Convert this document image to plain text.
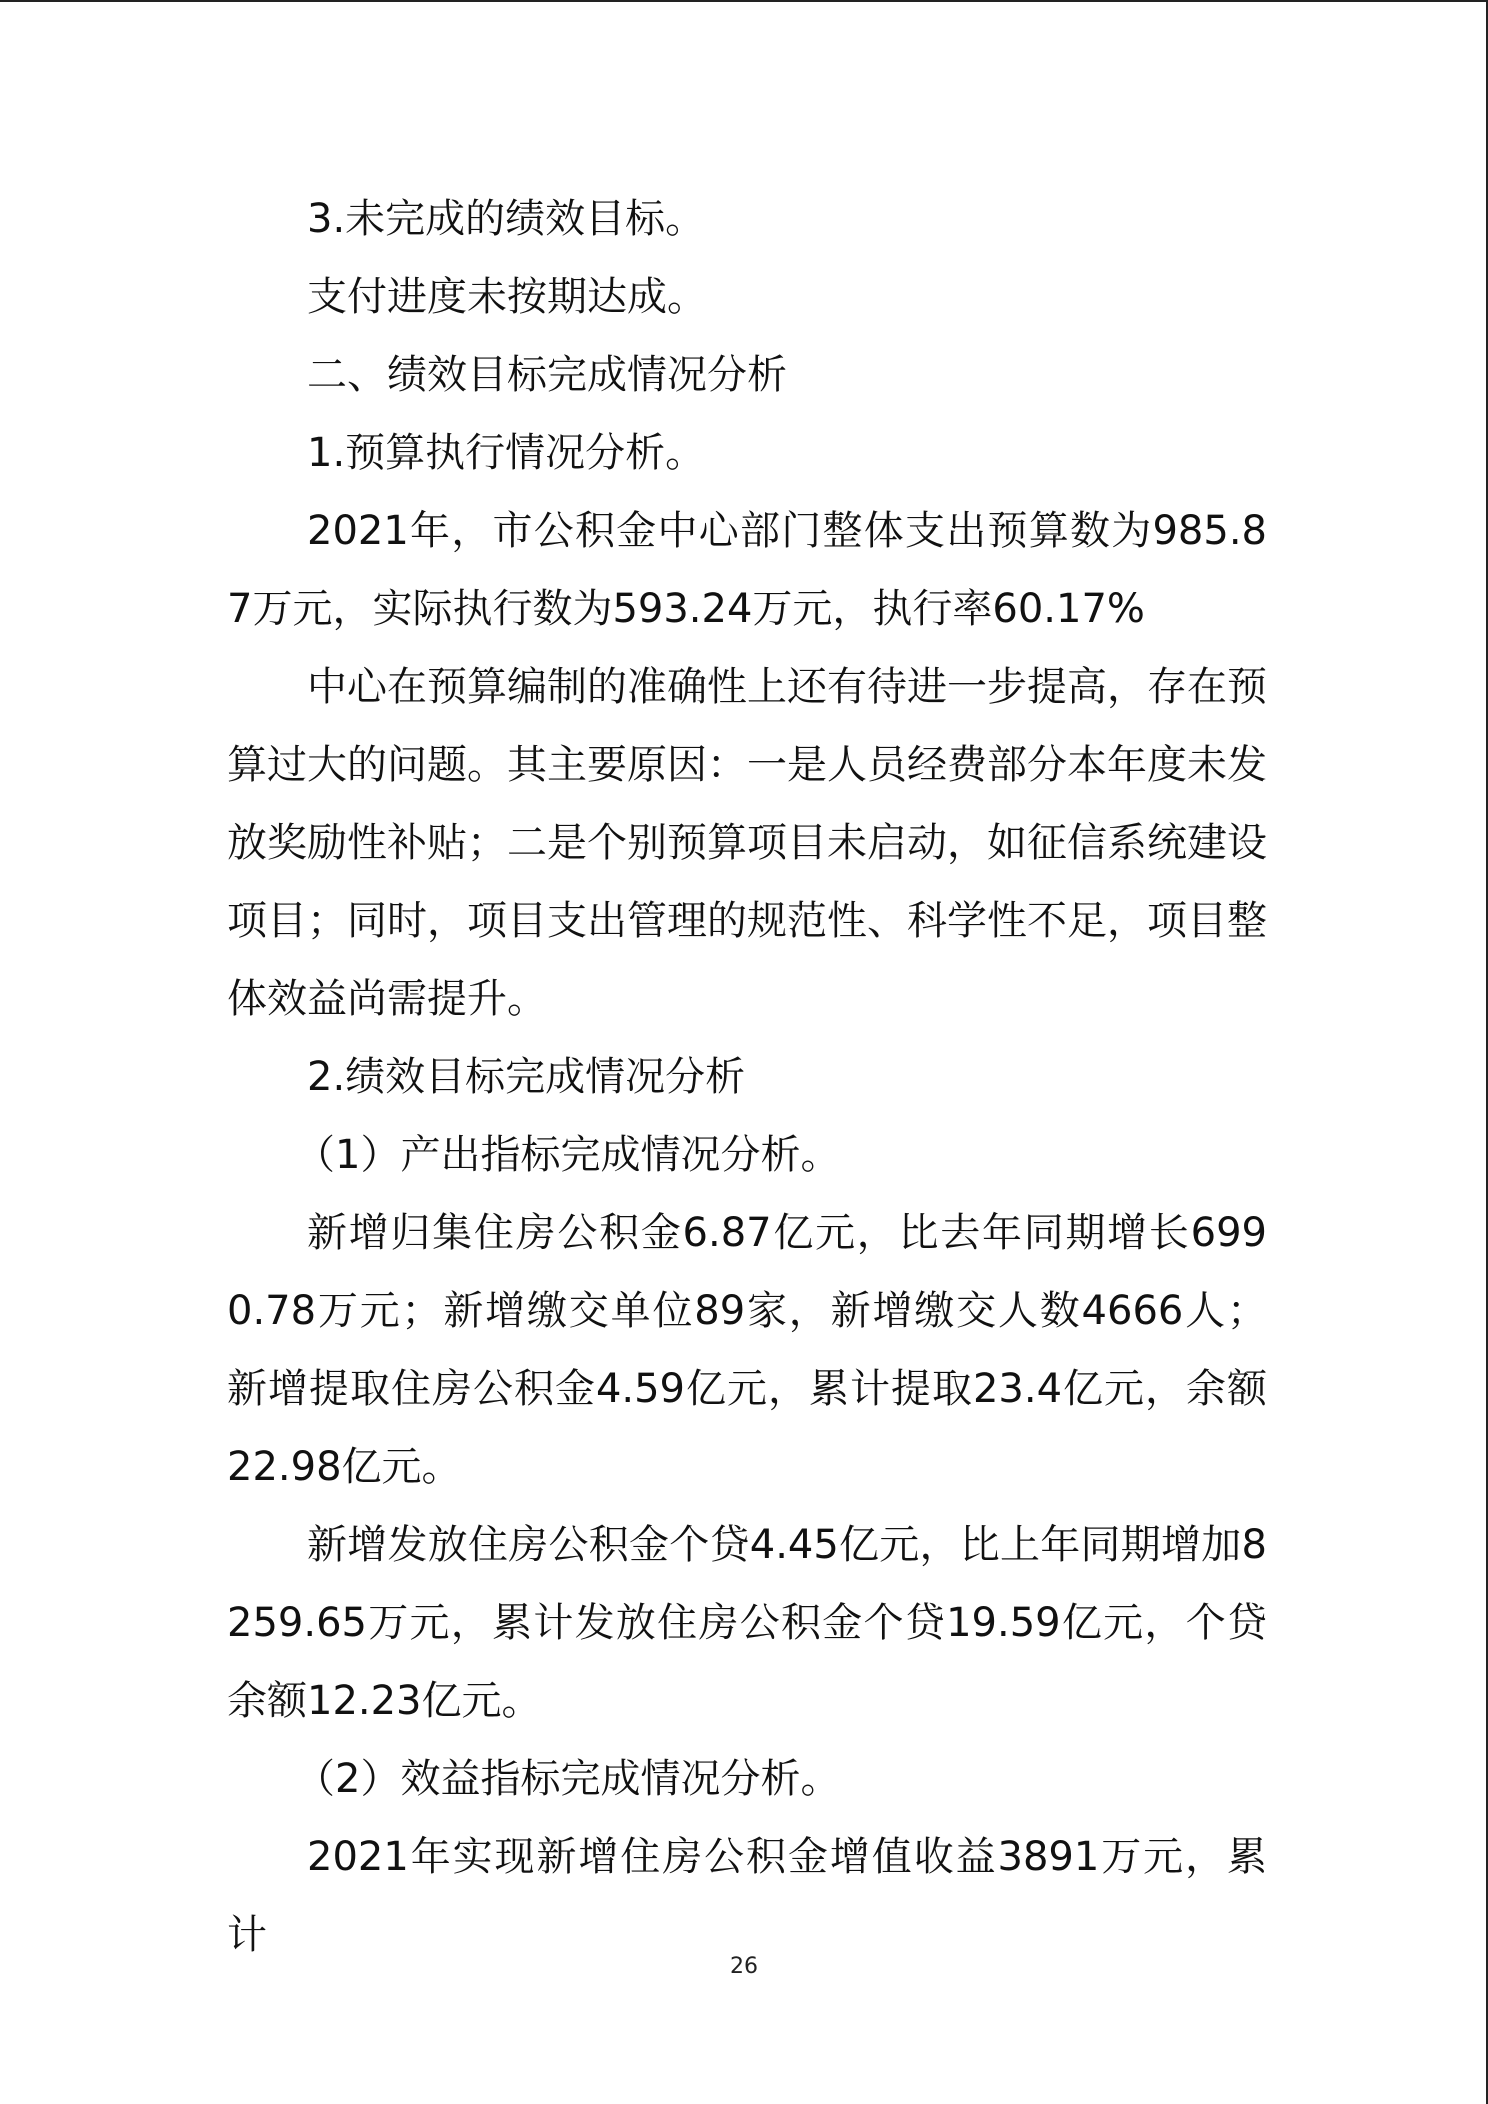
3.未完成的绩效目标。

支付进度未按期达成。

二、绩效目标完成情况分析

1.预算执行情况分析。

2021年，市公积金中心部门整体支出预算数为985.87万元，实际执行数为593.24万元，执行率60.17%

中心在预算编制的准确性上还有待进一步提高，存在预算过大的问题。其主要原因：一是人员经费部分本年度未发放奖励性补贴；二是个别预算项目未启动，如征信系统建设项目；同时，项目支出管理的规范性、科学性不足，项目整体效益尚需提升。

2.绩效目标完成情况分析

（1）产出指标完成情况分析。

新增归集住房公积金6.87亿元，比去年同期增长6990.78万元；新增缴交单位89家，新增缴交人数4666人；新增提取住房公积金4.59亿元，累计提取23.4亿元，余额22.98亿元。

新增发放住房公积金个贷4.45亿元，比上年同期增加8259.65万元，累计发放住房公积金个贷19.59亿元，个贷余额12.23亿元。

（2）效益指标完成情况分析。

2021年实现新增住房公积金增值收益3891万元，累计

26
